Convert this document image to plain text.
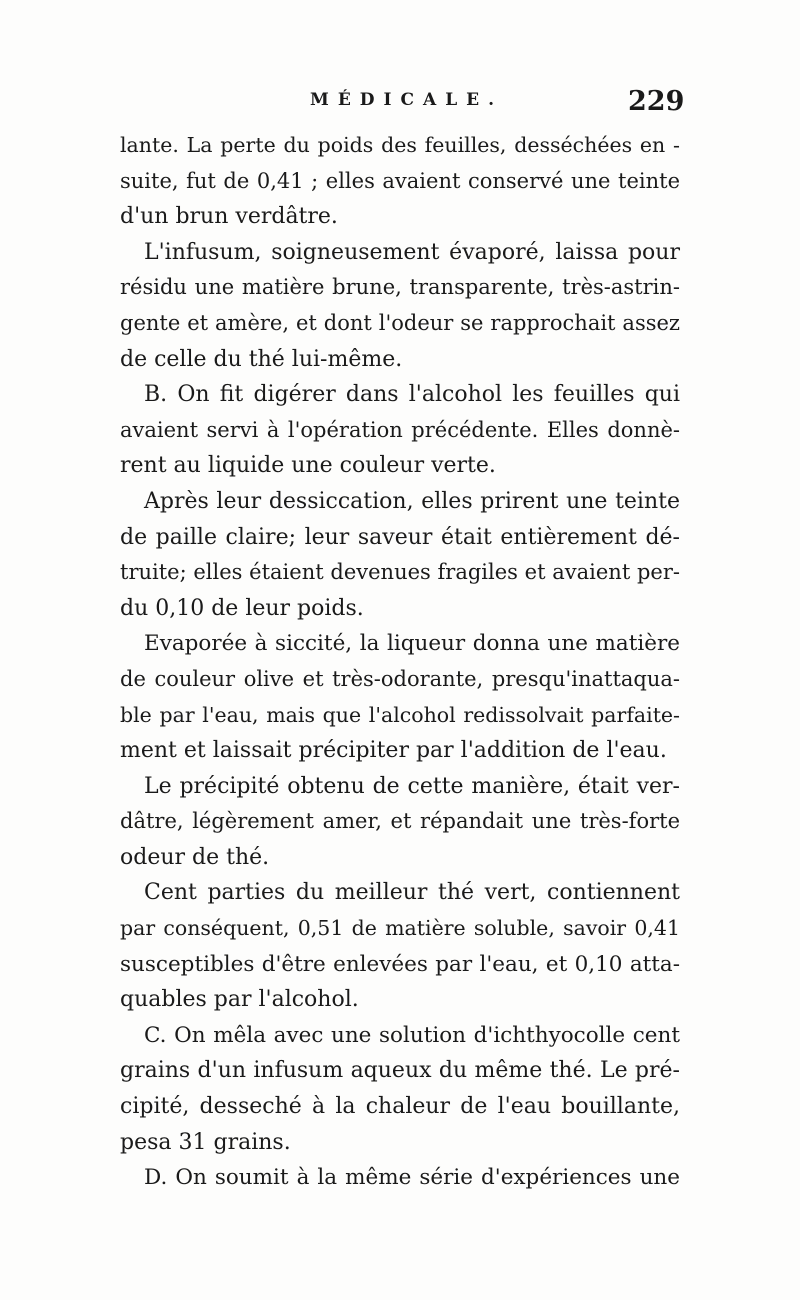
MÉDICALE.	229
lante. La perte du poids des feuilles, desséchées en -
suite, fut de 0,41 ; elles avaient conservé une teinte
d'un brun verdâtre.
L'infusum, soigneusement évaporé, laissa pour
résidu une matière brune, transparente, très-astrin-
gente et amère, et dont l'odeur se rapprochait assez
de celle du thé lui-même.
B. On fit digérer dans l'alcohol les feuilles qui
avaient servi à l'opération précédente. Elles donnè-
rent au liquide une couleur verte.
Après leur dessiccation, elles prirent une teinte
de paille claire; leur saveur était entièrement dé-
truite; elles étaient devenues fragiles et avaient per-
du 0,10 de leur poids.
Evaporée à siccité, la liqueur donna une matière
de couleur olive et très-odorante, presqu'inattaqua-
ble par l'eau, mais que l'alcohol redissolvait parfaite-
ment et laissait précipiter par l'addition de l'eau.
Le précipité obtenu de cette manière, était ver-
dâtre, légèrement amer, et répandait une très-forte
odeur de thé.
Cent parties du meilleur thé vert, contiennent
par conséquent, 0,51 de matière soluble, savoir 0,41
susceptibles d'être enlevées par l'eau, et 0,10 atta-
quables par l'alcohol.
C. On mêla avec une solution d'ichthyocolle cent
grains d'un infusum aqueux du même thé. Le pré-
cipité, desseché à la chaleur de l'eau bouillante,
pesa 31 grains.
D. On soumit à la même série d'expériences une
